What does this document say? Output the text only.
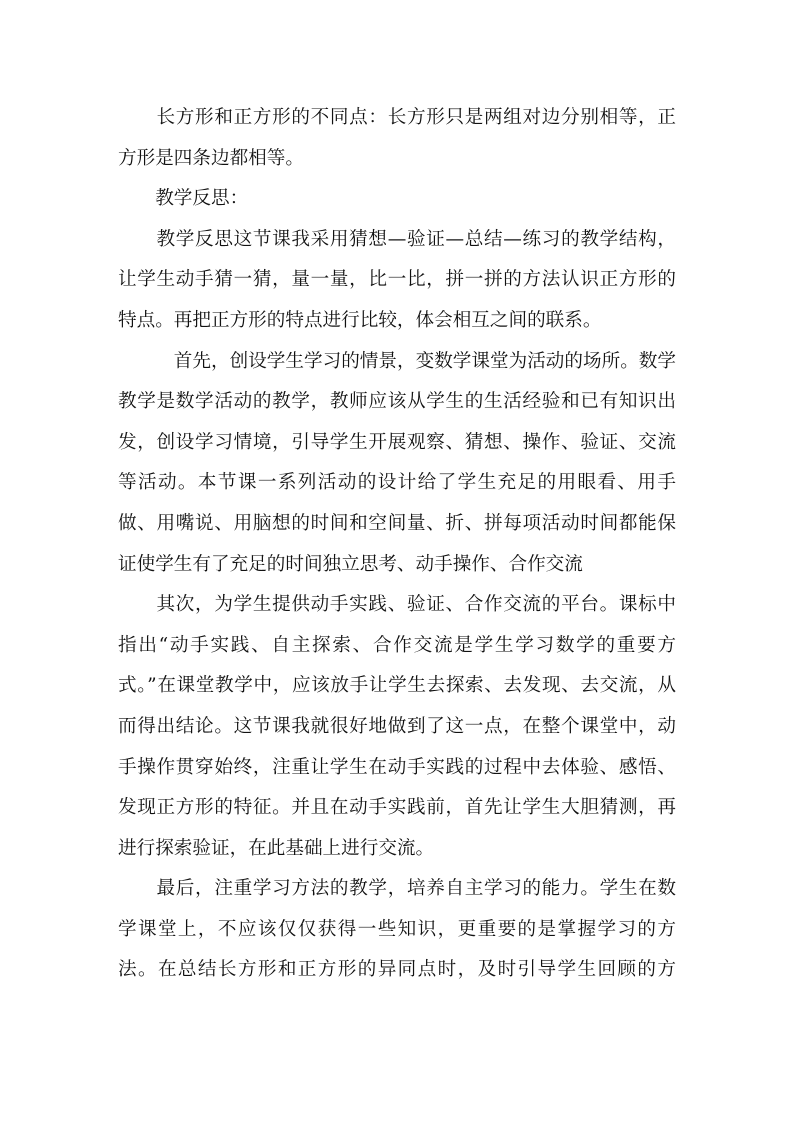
　　长方形和正方形的不同点：长方形只是两组对边分别相等，正
方形是四条边都相等。
　　教学反思：
　　教学反思这节课我采用猜想—验证—总结—练习的教学结构，
让学生动手猜一猜，量一量，比一比，拼一拼的方法认识正方形的
特点。再把正方形的特点进行比较，体会相互之间的联系。
　　　首先，创设学生学习的情景，变数学课堂为活动的场所。数学
教学是数学活动的教学，教师应该从学生的生活经验和已有知识出
发，创设学习情境，引导学生开展观察、猜想、操作、验证、交流
等活动。本节课一系列活动的设计给了学生充足的用眼看、用手
做、用嘴说、用脑想的时间和空间量、折、拼每项活动时间都能保
证使学生有了充足的时间独立思考、动手操作、合作交流
　　其次，为学生提供动手实践、验证、合作交流的平台。课标中
指出“动手实践、自主探索、合作交流是学生学习数学的重要方
式。”在课堂教学中，应该放手让学生去探索、去发现、去交流，从
而得出结论。这节课我就很好地做到了这一点，在整个课堂中，动
手操作贯穿始终，注重让学生在动手实践的过程中去体验、感悟、
发现正方形的特征。并且在动手实践前，首先让学生大胆猜测，再
进行探索验证，在此基础上进行交流。
　　最后，注重学习方法的教学，培养自主学习的能力。学生在数
学课堂上，不应该仅仅获得一些知识，更重要的是掌握学习的方
法。在总结长方形和正方形的异同点时，及时引导学生回顾的方
